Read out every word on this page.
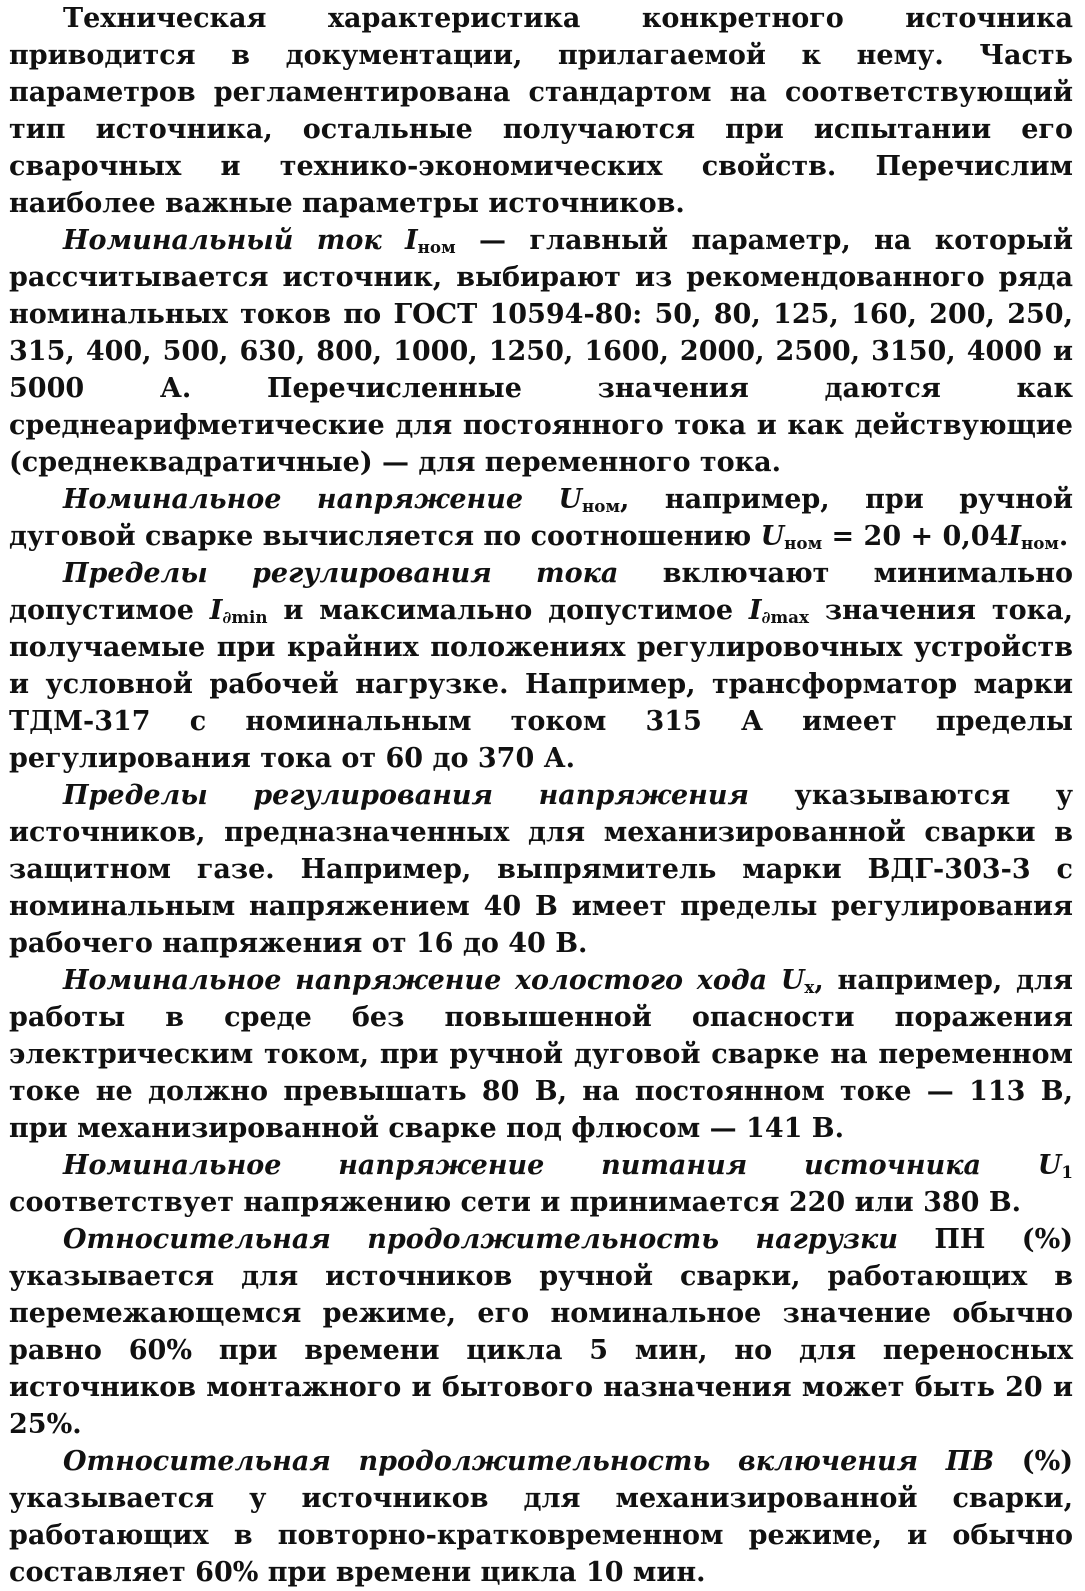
Техническая характеристика конкретного источника приводится в документации, прилагаемой к нему. Часть параметров регламентирована стандартом на соответствующий тип источника, остальные получаются при испытании его сварочных и технико-экономических свойств. Перечислим наиболее важные параметры источников.

Номинальный ток $I_{ном}$ — главный параметр, на который рассчитывается источник, выбирают из рекомендованного ряда номинальных токов по ГОСТ 10594-80: 50, 80, 125, 160, 200, 250, 315, 400, 500, 630, 800, 1000, 1250, 1600, 2000, 2500, 3150, 4000 и 5000 А. Перечисленные значения даются как среднеарифметические для постоянного тока и как действующие (среднеквадратичные) — для переменного тока.

Номинальное напряжение $U_{ном}$, например, при ручной дуговой сварке вычисляется по соотношению $U_{ном} = 20 + 0,04I_{ном}$.

Пределы регулирования тока включают минимально допустимое $I_{\partial min}$ и максимально допустимое $I_{\partial max}$ значения тока, получаемые при крайних положениях регулировочных устройств и условной рабочей нагрузке. Например, трансформатор марки ТДМ-317 с номинальным током 315 А имеет пределы регулирования тока от 60 до 370 А.

Пределы регулирования напряжения указываются у источников, предназначенных для механизированной сварки в защитном газе. Например, выпрямитель марки ВДГ-303-3 с номинальным напряжением 40 В имеет пределы регулирования рабочего напряжения от 16 до 40 В.

Номинальное напряжение холостого хода $U_х$, например, для работы в среде без повышенной опасности поражения электрическим током, при ручной дуговой сварке на переменном токе не должно превышать 80 В, на постоянном токе — 113 В, при механизированной сварке под флюсом — 141 В.

Номинальное напряжение питания источника $U_1$ соответствует напряжению сети и принимается 220 или 380 В.

Относительная продолжительность нагрузки ПН (%) указывается для источников ручной сварки, работающих в перемежающемся режиме, его номинальное значение обычно равно 60% при времени цикла 5 мин, но для переносных источников монтажного и бытового назначения может быть 20 и 25%.

Относительная продолжительность включения ПВ (%) указывается у источников для механизированной сварки, работающих в повторно-кратковременном режиме, и обычно составляет 60% при времени цикла 10 мин.
